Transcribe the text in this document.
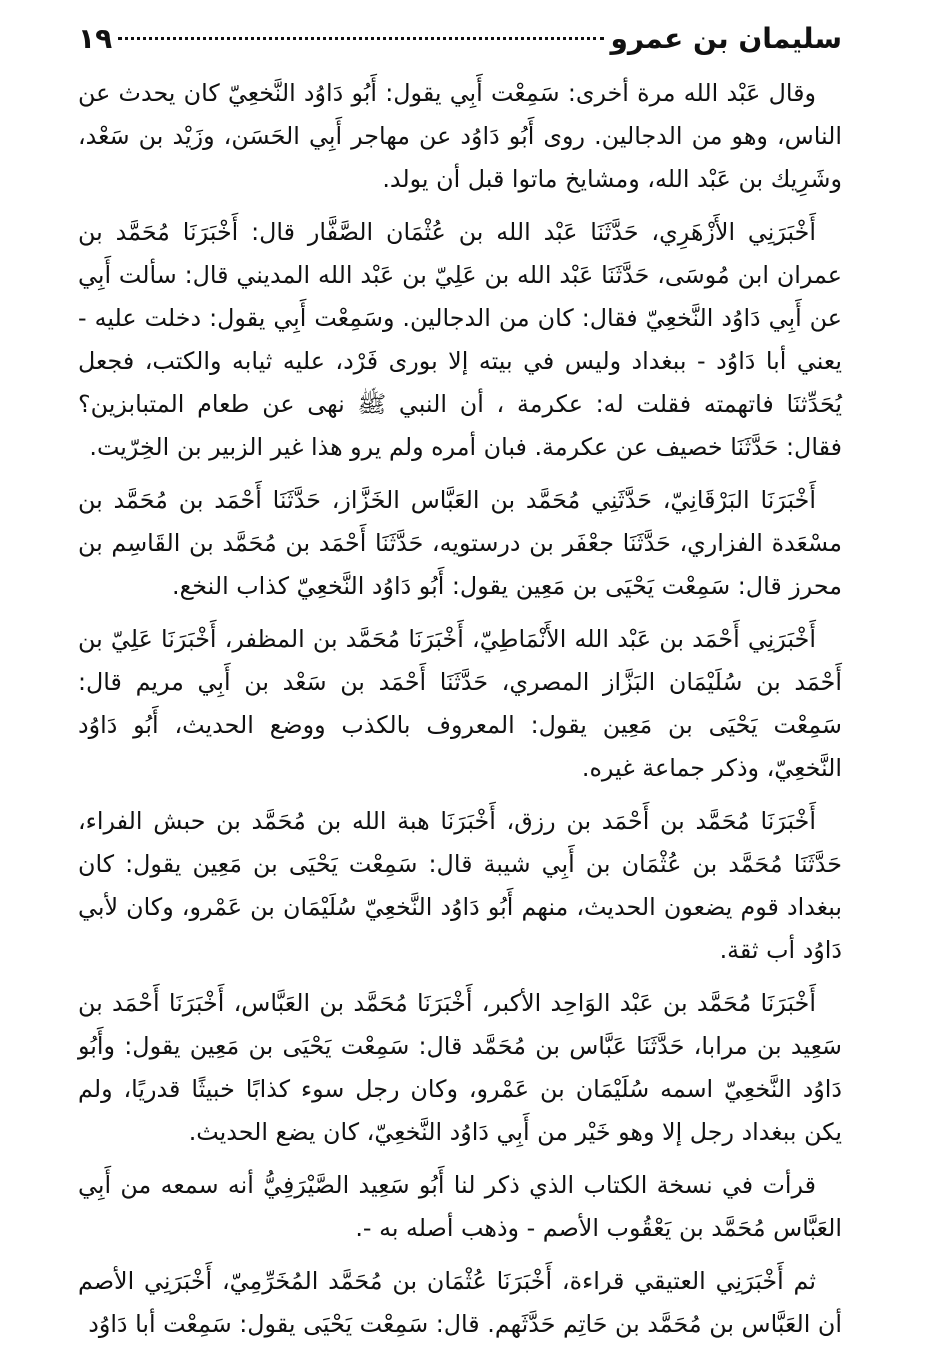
سليمان بن عمرو
١٩

وقال عَبْد الله مرة أخرى: سَمِعْت أَبِي يقول: أَبُو دَاوُد النَّخعِيّ كان يحدث عن الناس، وهو من الدجالين. روى أَبُو دَاوُد عن مهاجر أَبِي الحَسَن، وزَيْد بن سَعْد، وشَرِيك بن عَبْد الله، ومشايخ ماتوا قبل أن يولد.

أَخْبَرَنِي الأَزْهَرِي، حَدَّثَنَا عَبْد الله بن عُثْمَان الصَّفَّار قال: أَخْبَرَنَا مُحَمَّد بن عمران ابن مُوسَى، حَدَّثَنَا عَبْد الله بن عَلِيّ بن عَبْد الله المديني قال: سألت أَبِي عن أَبِي دَاوُد النَّخعِيّ فقال: كان من الدجالين. وسَمِعْت أَبِي يقول: دخلت عليه - يعني أبا دَاوُد - ببغداد وليس في بيته إلا بورى فَرْد، عليه ثيابه والكتب، فجعل يُحَدِّثنَا فاتهمته فقلت له: عكرمة ، أن النبي ﷺ نهى عن طعام المتبابزين؟ فقال: حَدَّثَنَا خصيف عن عكرمة. فبان أمره ولم يرو هذا غير الزبير بن الخِرّيت.

أَخْبَرَنَا البَرْقَانِيّ، حَدَّثَنِي مُحَمَّد بن العَبَّاس الخَزَّاز، حَدَّثَنَا أَحْمَد بن مُحَمَّد بن مسْعَدة الفزاري، حَدَّثَنَا جعْفَر بن درستويه، حَدَّثَنَا أَحْمَد بن مُحَمَّد بن القَاسِم بن محرز قال: سَمِعْت يَحْيَى بن مَعِين يقول: أَبُو دَاوُد النَّخعِيّ كذاب النخع.

أَخْبَرَنِي أَحْمَد بن عَبْد الله الأَنْمَاطِيّ، أَخْبَرَنَا مُحَمَّد بن المظفر، أَخْبَرَنَا عَلِيّ بن أَحْمَد بن سُلَيْمَان البَزَّاز المصري، حَدَّثَنَا أَحْمَد بن سَعْد بن أَبِي مريم قال: سَمِعْت يَحْيَى بن مَعِين يقول: المعروف بالكذب ووضع الحديث، أَبُو دَاوُد النَّخعِيّ، وذكر جماعة غيره.

أَخْبَرَنَا مُحَمَّد بن أَحْمَد بن رزق، أَخْبَرَنَا هبة الله بن مُحَمَّد بن حبش الفراء، حَدَّثَنَا مُحَمَّد بن عُثْمَان بن أَبِي شيبة قال: سَمِعْت يَحْيَى بن مَعِين يقول: كان ببغداد قوم يضعون الحديث، منهم أَبُو دَاوُد النَّخعِيّ سُلَيْمَان بن عَمْرو، وكان لأبي دَاوُد أب ثقة.

أَخْبَرَنَا مُحَمَّد بن عَبْد الوَاحِد الأكبر، أَخْبَرَنَا مُحَمَّد بن العَبَّاس، أَخْبَرَنَا أَحْمَد بن سَعِيد بن مرابا، حَدَّثَنَا عَبَّاس بن مُحَمَّد قال: سَمِعْت يَحْيَى بن مَعِين يقول: وأَبُو دَاوُد النَّخعِيّ اسمه سُلَيْمَان بن عَمْرو، وكان رجل سوء كذابًا خبيثًا قدريًا، ولم يكن ببغداد رجل إلا وهو خَيْر من أَبِي دَاوُد النَّخعِيّ، كان يضع الحديث.

قرأت في نسخة الكتاب الذي ذكر لنا أَبُو سَعِيد الصَّيْرَفِيُّ أنه سمعه من أَبِي العَبَّاس مُحَمَّد بن يَعْقُوب الأصم - وذهب أصله به -.

ثم أَخْبَرَنِي العتيقي قراءة، أَخْبَرَنَا عُثْمَان بن مُحَمَّد المُخَرِّمِيّ، أَخْبَرَنِي الأصم أن العَبَّاس بن مُحَمَّد بن حَاتِم حَدَّثَهم. قال: سَمِعْت يَحْيَى يقول: سَمِعْت أبا دَاوُد
